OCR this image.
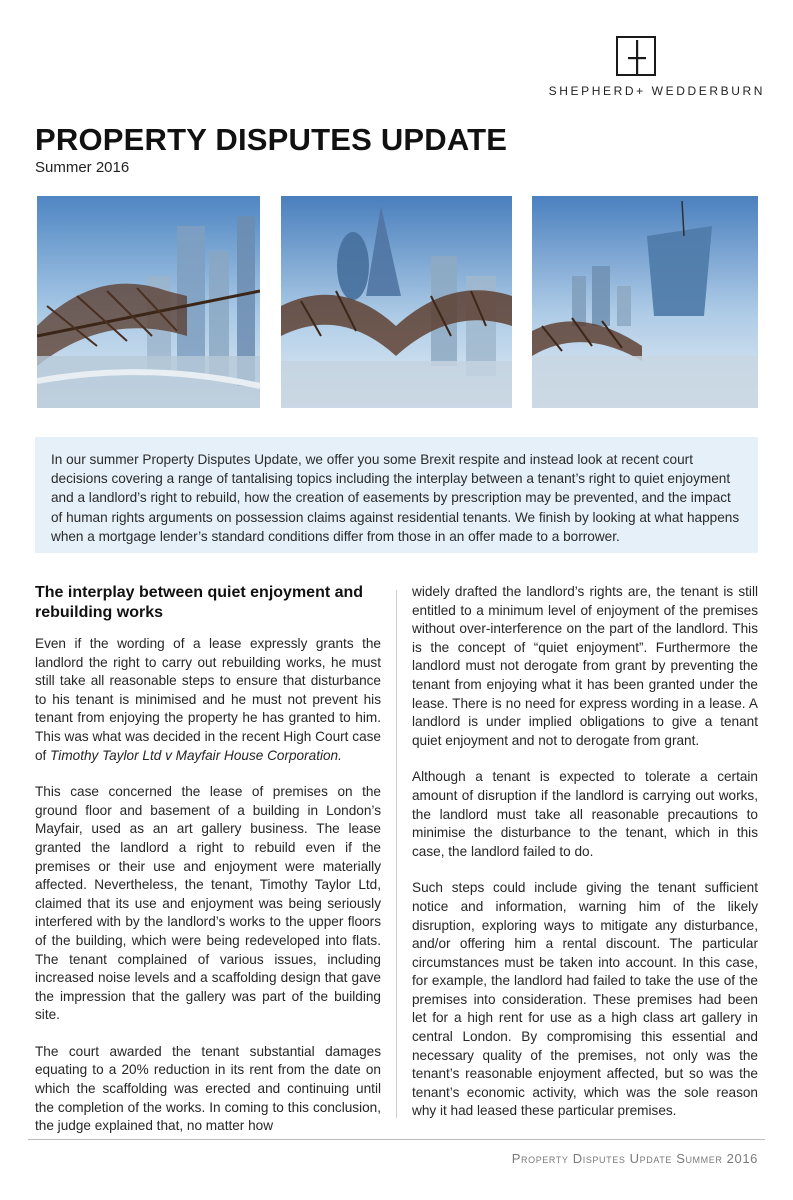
SHEPHERD+ WEDDERBURN
PROPERTY DISPUTES UPDATE
Summer 2016

In our summer Property Disputes Update, we offer you some Brexit respite and instead look at recent court decisions covering a range of tantalising topics including the interplay between a tenant’s right to quiet enjoyment and a landlord’s right to rebuild, how the creation of easements by prescription may be prevented, and the impact of human rights arguments on possession claims against residential tenants. We finish by looking at what happens when a mortgage lender’s standard conditions differ from those in an offer made to a borrower.

The interplay between quiet enjoyment and rebuilding works

Even if the wording of a lease expressly grants the landlord the right to carry out rebuilding works, he must still take all reasonable steps to ensure that disturbance to his tenant is minimised and he must not prevent his tenant from enjoying the property he has granted to him. This was what was decided in the recent High Court case of Timothy Taylor Ltd v Mayfair House Corporation.

This case concerned the lease of premises on the ground floor and basement of a building in London’s Mayfair, used as an art gallery business. The lease granted the landlord a right to rebuild even if the premises or their use and enjoyment were materially affected. Nevertheless, the tenant, Timothy Taylor Ltd, claimed that its use and enjoyment was being seriously interfered with by the landlord’s works to the upper floors of the building, which were being redeveloped into flats. The tenant complained of various issues, including increased noise levels and a scaffolding design that gave the impression that the gallery was part of the building site.

The court awarded the tenant substantial damages equating to a 20% reduction in its rent from the date on which the scaffolding was erected and continuing until the completion of the works. In coming to this conclusion, the judge explained that, no matter how

widely drafted the landlord’s rights are, the tenant is still entitled to a minimum level of enjoyment of the premises without over-interference on the part of the landlord. This is the concept of “quiet enjoyment”. Furthermore the landlord must not derogate from grant by preventing the tenant from enjoying what it has been granted under the lease. There is no need for express wording in a lease. A landlord is under implied obligations to give a tenant quiet enjoyment and not to derogate from grant.

Although a tenant is expected to tolerate a certain amount of disruption if the landlord is carrying out works, the landlord must take all reasonable precautions to minimise the disturbance to the tenant, which in this case, the landlord failed to do.

Such steps could include giving the tenant sufficient notice and information, warning him of the likely disruption, exploring ways to mitigate any disturbance, and/or offering him a rental discount. The particular circumstances must be taken into account. In this case, for example, the landlord had failed to take the use of the premises into consideration. These premises had been let for a high rent for use as a high class art gallery in central London. By compromising this essential and necessary quality of the premises, not only was the tenant’s reasonable enjoyment affected, but so was the tenant’s economic activity, which was the sole reason why it had leased these particular premises.

Property Disputes Update Summer 2016
